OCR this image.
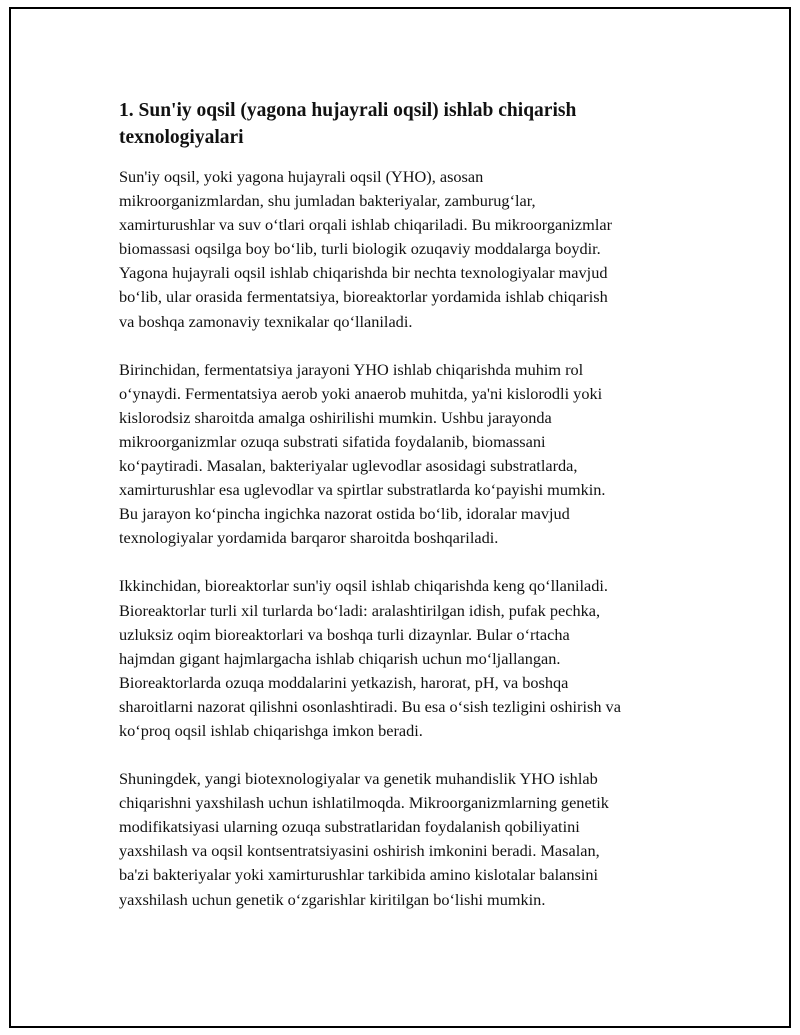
1. Sun'iy oqsil (yagona hujayrali oqsil) ishlab chiqarish
texnologiyalari

Sun'iy oqsil, yoki yagona hujayrali oqsil (YHO), asosan
mikroorganizmlardan, shu jumladan bakteriyalar, zamburug‘lar,
xamirturushlar va suv o‘tlari orqali ishlab chiqariladi. Bu mikroorganizmlar
biomassasi oqsilga boy bo‘lib, turli biologik ozuqaviy moddalarga boydir.
Yagona hujayrali oqsil ishlab chiqarishda bir nechta texnologiyalar mavjud
bo‘lib, ular orasida fermentatsiya, bioreaktorlar yordamida ishlab chiqarish
va boshqa zamonaviy texnikalar qo‘llaniladi.

Birinchidan, fermentatsiya jarayoni YHO ishlab chiqarishda muhim rol
o‘ynaydi. Fermentatsiya aerob yoki anaerob muhitda, ya'ni kislorodli yoki
kislorodsiz sharoitda amalga oshirilishi mumkin. Ushbu jarayonda
mikroorganizmlar ozuqa substrati sifatida foydalanib, biomassani
ko‘paytiradi. Masalan, bakteriyalar uglevodlar asosidagi substratlarda,
xamirturushlar esa uglevodlar va spirtlar substratlarda ko‘payishi mumkin.
Bu jarayon ko‘pincha ingichka nazorat ostida bo‘lib, idoralar mavjud
texnologiyalar yordamida barqaror sharoitda boshqariladi.

Ikkinchidan, bioreaktorlar sun'iy oqsil ishlab chiqarishda keng qo‘llaniladi.
Bioreaktorlar turli xil turlarda bo‘ladi: aralashtirilgan idish, pufak pechka,
uzluksiz oqim bioreaktorlari va boshqa turli dizaynlar. Bular o‘rtacha
hajmdan gigant hajmlargacha ishlab chiqarish uchun mo‘ljallangan.
Bioreaktorlarda ozuqa moddalarini yetkazish, harorat, pH, va boshqa
sharoitlarni nazorat qilishni osonlashtiradi. Bu esa o‘sish tezligini oshirish va
ko‘proq oqsil ishlab chiqarishga imkon beradi.

Shuningdek, yangi biotexnologiyalar va genetik muhandislik YHO ishlab
chiqarishni yaxshilash uchun ishlatilmoqda. Mikroorganizmlarning genetik
modifikatsiyasi ularning ozuqa substratlaridan foydalanish qobiliyatini
yaxshilash va oqsil kontsentratsiyasini oshirish imkonini beradi. Masalan,
ba'zi bakteriyalar yoki xamirturushlar tarkibida amino kislotalar balansini
yaxshilash uchun genetik o‘zgarishlar kiritilgan bo‘lishi mumkin.
